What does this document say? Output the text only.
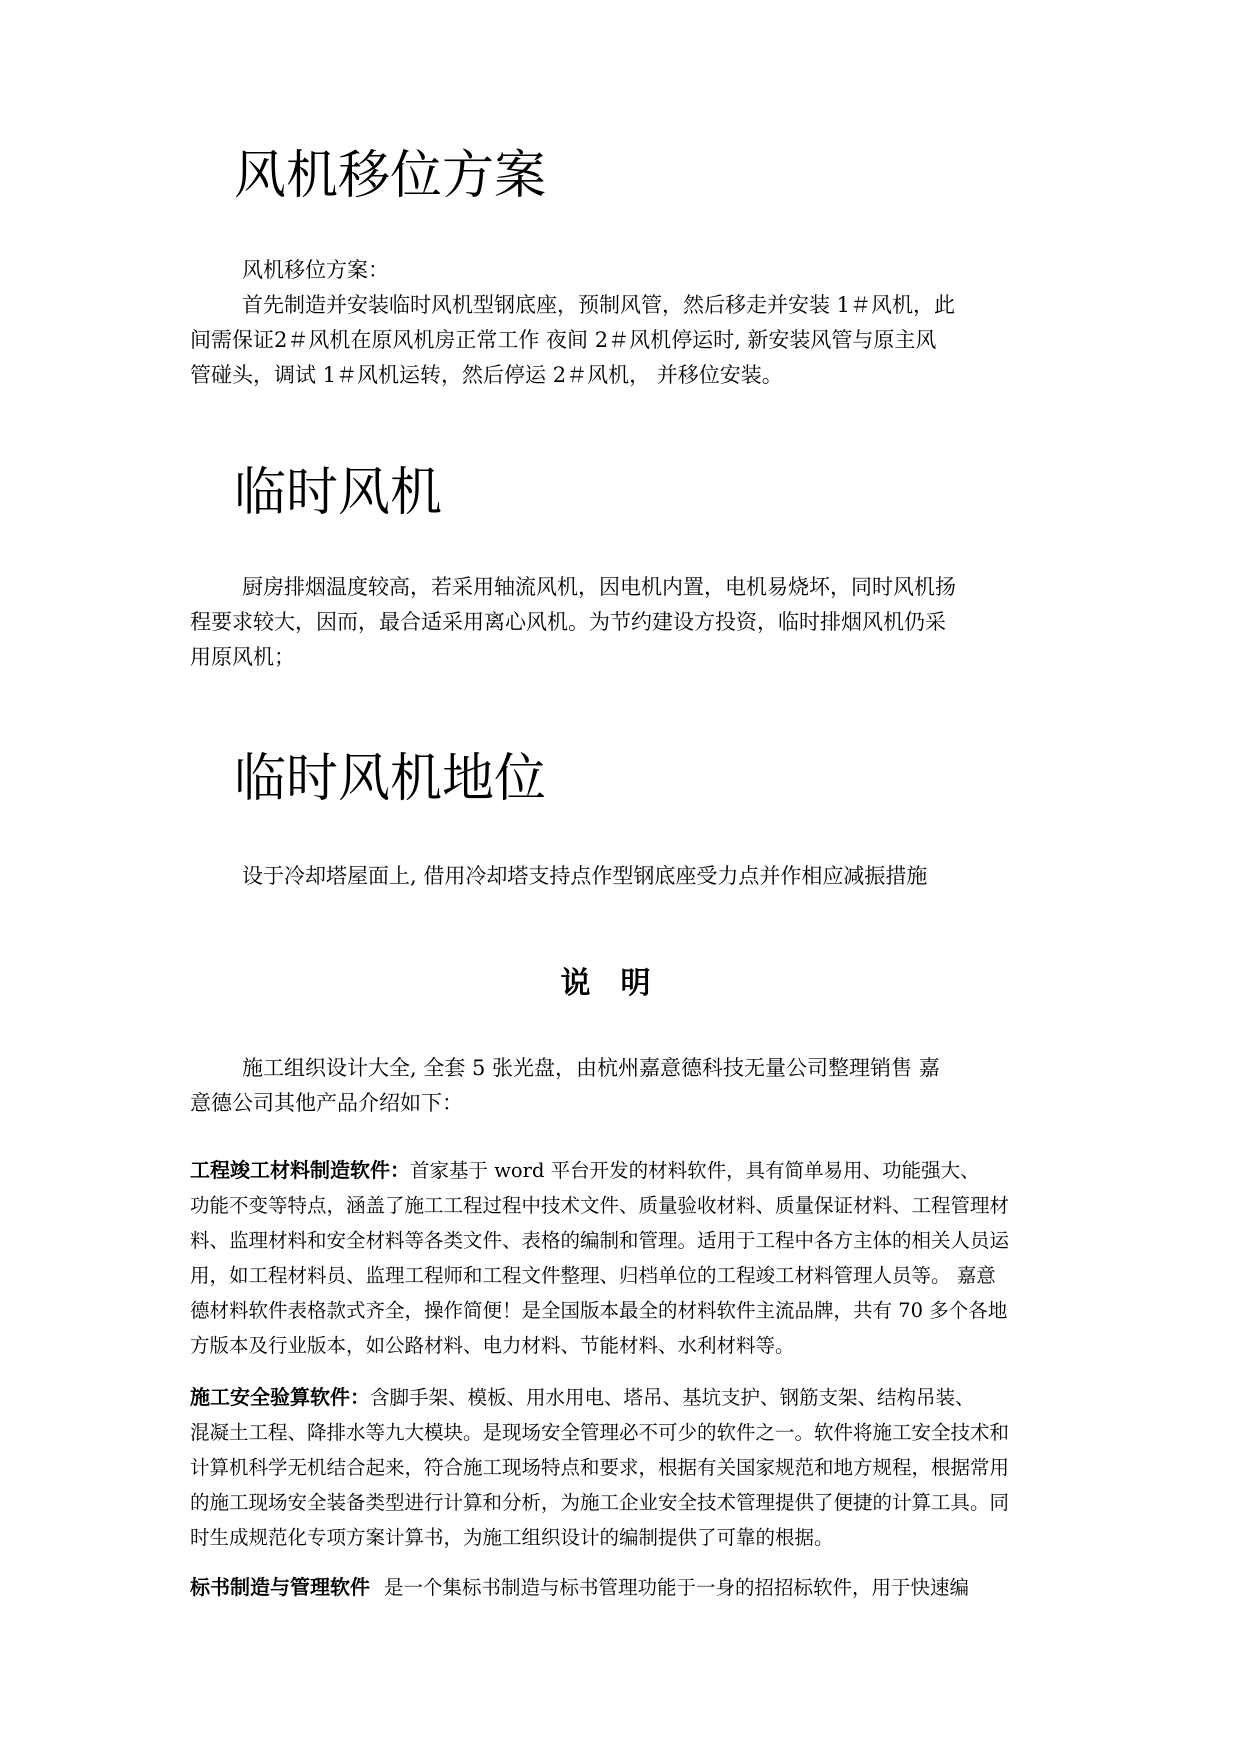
风机移位方案
风机移位方案：
首先制造并安装临时风机型钢底座，预制风管，然后移走并安装 1＃风机，此
间需保证2＃风机在原风机房正常工作 夜间 2＃风机停运时, 新安装风管与原主风
管碰头，调试 1＃风机运转，然后停运 2＃风机， 并移位安装。
临时风机
厨房排烟温度较高，若采用轴流风机，因电机内置，电机易烧坏，同时风机扬
程要求较大，因而，最合适采用离心风机。为节约建设方投资，临时排烟风机仍采
用原风机；
临时风机地位
设于冷却塔屋面上, 借用冷却塔支持点作型钢底座受力点并作相应减振措施
说明
施工组织设计大全, 全套 5 张光盘，由杭州嘉意德科技无量公司整理销售 嘉
意德公司其他产品介绍如下：
工程竣工材料制造软件：首家基于 word 平台开发的材料软件，具有简单易用、功能强大、
功能不变等特点，涵盖了施工工程过程中技术文件、质量验收材料、质量保证材料、工程管理材
料、监理材料和安全材料等各类文件、表格的编制和管理。适用于工程中各方主体的相关人员运
用，如工程材料员、监理工程师和工程文件整理、归档单位的工程竣工材料管理人员等。 嘉意
德材料软件表格款式齐全，操作简便！是全国版本最全的材料软件主流品牌，共有 70 多个各地
方版本及行业版本，如公路材料、电力材料、节能材料、水利材料等。
施工安全验算软件：含脚手架、模板、用水用电、塔吊、基坑支护、钢筋支架、结构吊装、
混凝土工程、降排水等九大模块。是现场安全管理必不可少的软件之一。软件将施工安全技术和
计算机科学无机结合起来，符合施工现场特点和要求，根据有关国家规范和地方规程，根据常用
的施工现场安全装备类型进行计算和分析，为施工企业安全技术管理提供了便捷的计算工具。同
时生成规范化专项方案计算书，为施工组织设计的编制提供了可靠的根据。
标书制造与管理软件 是一个集标书制造与标书管理功能于一身的招招标软件，用于快速编
